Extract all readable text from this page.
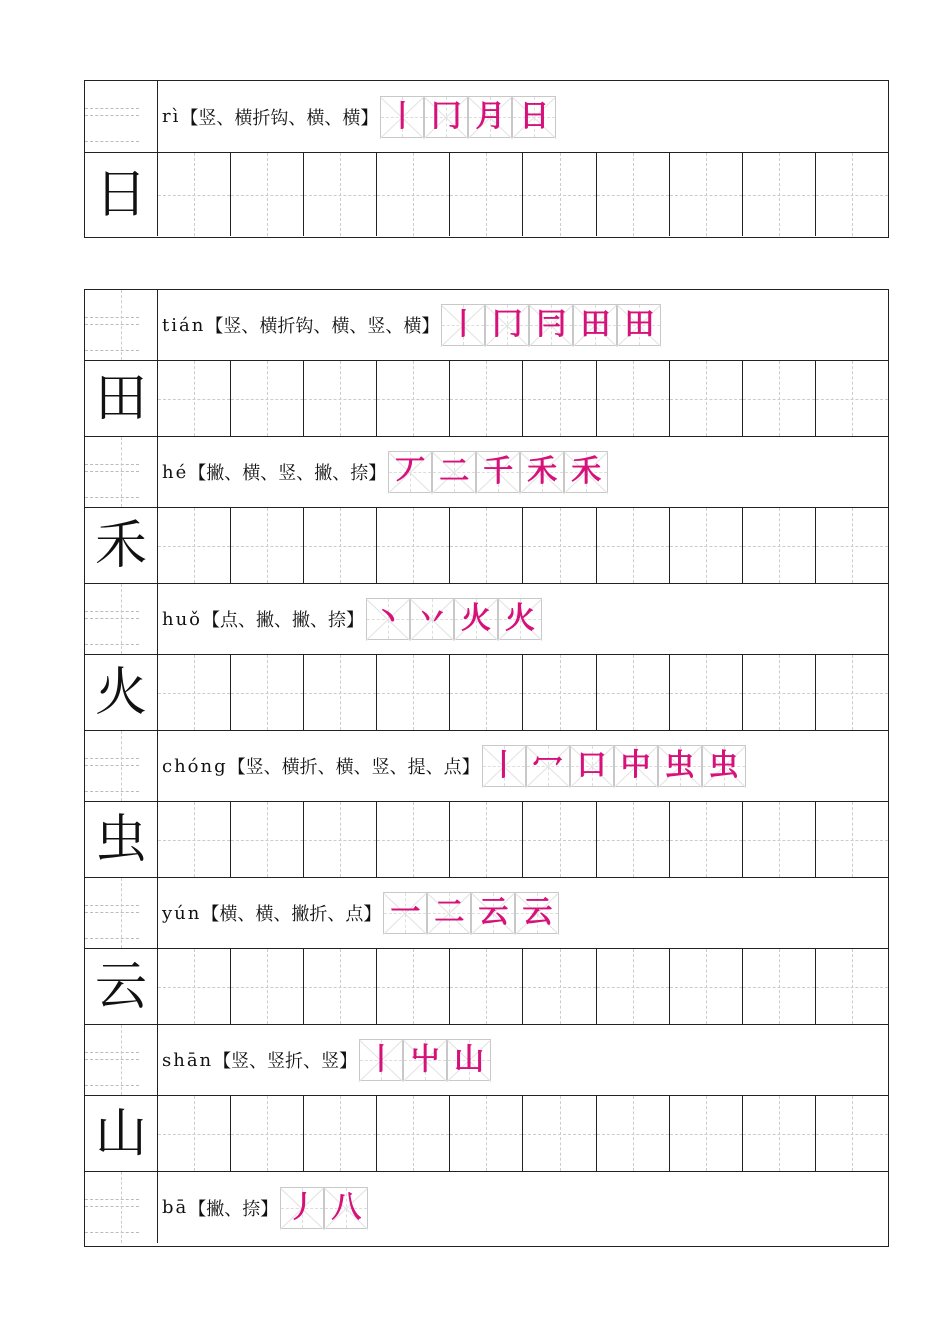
rì 【竖、横折钩、横、横】 丨 冂 月 日
日
tián 【竖、横折钩、横、竖、横】 丨 冂 冃 田 田
田
hé 【撇、横、竖、撇、捺】 丆 二 千 禾 禾
禾
huǒ 【点、撇、撇、捺】 丶 丷 火 火
火
chóng 【竖、横折、横、竖、提、点】 丨 冖 口 中 虫 虫
虫
yún 【横、横、撇折、点】 一 二 云 云
云
shān 【竖、竖折、竖】 丨 屮 山
山
bā 【撇、捺】 丿 八
